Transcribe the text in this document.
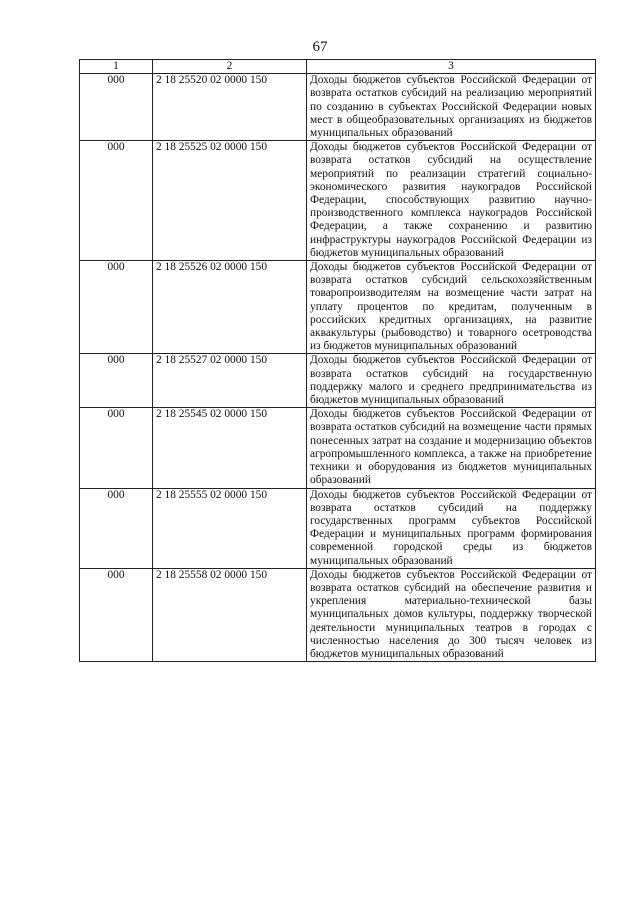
67
1	2	3
000	2 18 25520 02 0000 150	Доходы бюджетов субъектов Российской Федерации от возврата остатков субсидий на реализацию мероприятий по созданию в субъектах Российской Федерации новых мест в общеобразовательных организациях из бюджетов муниципальных образований
000	2 18 25525 02 0000 150	Доходы бюджетов субъектов Российской Федерации от возврата остатков субсидий на осуществление мероприятий по реализации стратегий социально-экономического развития наукоградов Российской Федерации, способствующих развитию научно-производственного комплекса наукоградов Российской Федерации, а также сохранению и развитию инфраструктуры наукоградов Российской Федерации из бюджетов муниципальных образований
000	2 18 25526 02 0000 150	Доходы бюджетов субъектов Российской Федерации от возврата остатков субсидий сельскохозяйственным товаропроизводителям на возмещение части затрат на уплату процентов по кредитам, полученным в российских кредитных организациях, на развитие аквакультуры (рыбоводство) и товарного осетроводства из бюджетов муниципальных образований
000	2 18 25527 02 0000 150	Доходы бюджетов субъектов Российской Федерации от возврата остатков субсидий на государственную поддержку малого и среднего предпринимательства из бюджетов муниципальных образований
000	2 18 25545 02 0000 150	Доходы бюджетов субъектов Российской Федерации от возврата остатков субсидий на возмещение части прямых понесенных затрат на создание и модернизацию объектов агропромышленного комплекса, а также на приобретение техники и оборудования из бюджетов муниципальных образований
000	2 18 25555 02 0000 150	Доходы бюджетов субъектов Российской Федерации от возврата остатков субсидий на поддержку государственных программ субъектов Российской Федерации и муниципальных программ формирования современной городской среды из бюджетов муниципальных образований
000	2 18 25558 02 0000 150	Доходы бюджетов субъектов Российской Федерации от возврата остатков субсидий на обеспечение развития и укрепления материально-технической базы муниципальных домов культуры, поддержку творческой деятельности муниципальных театров в городах с численностью населения до 300 тысяч человек из бюджетов муниципальных образований
